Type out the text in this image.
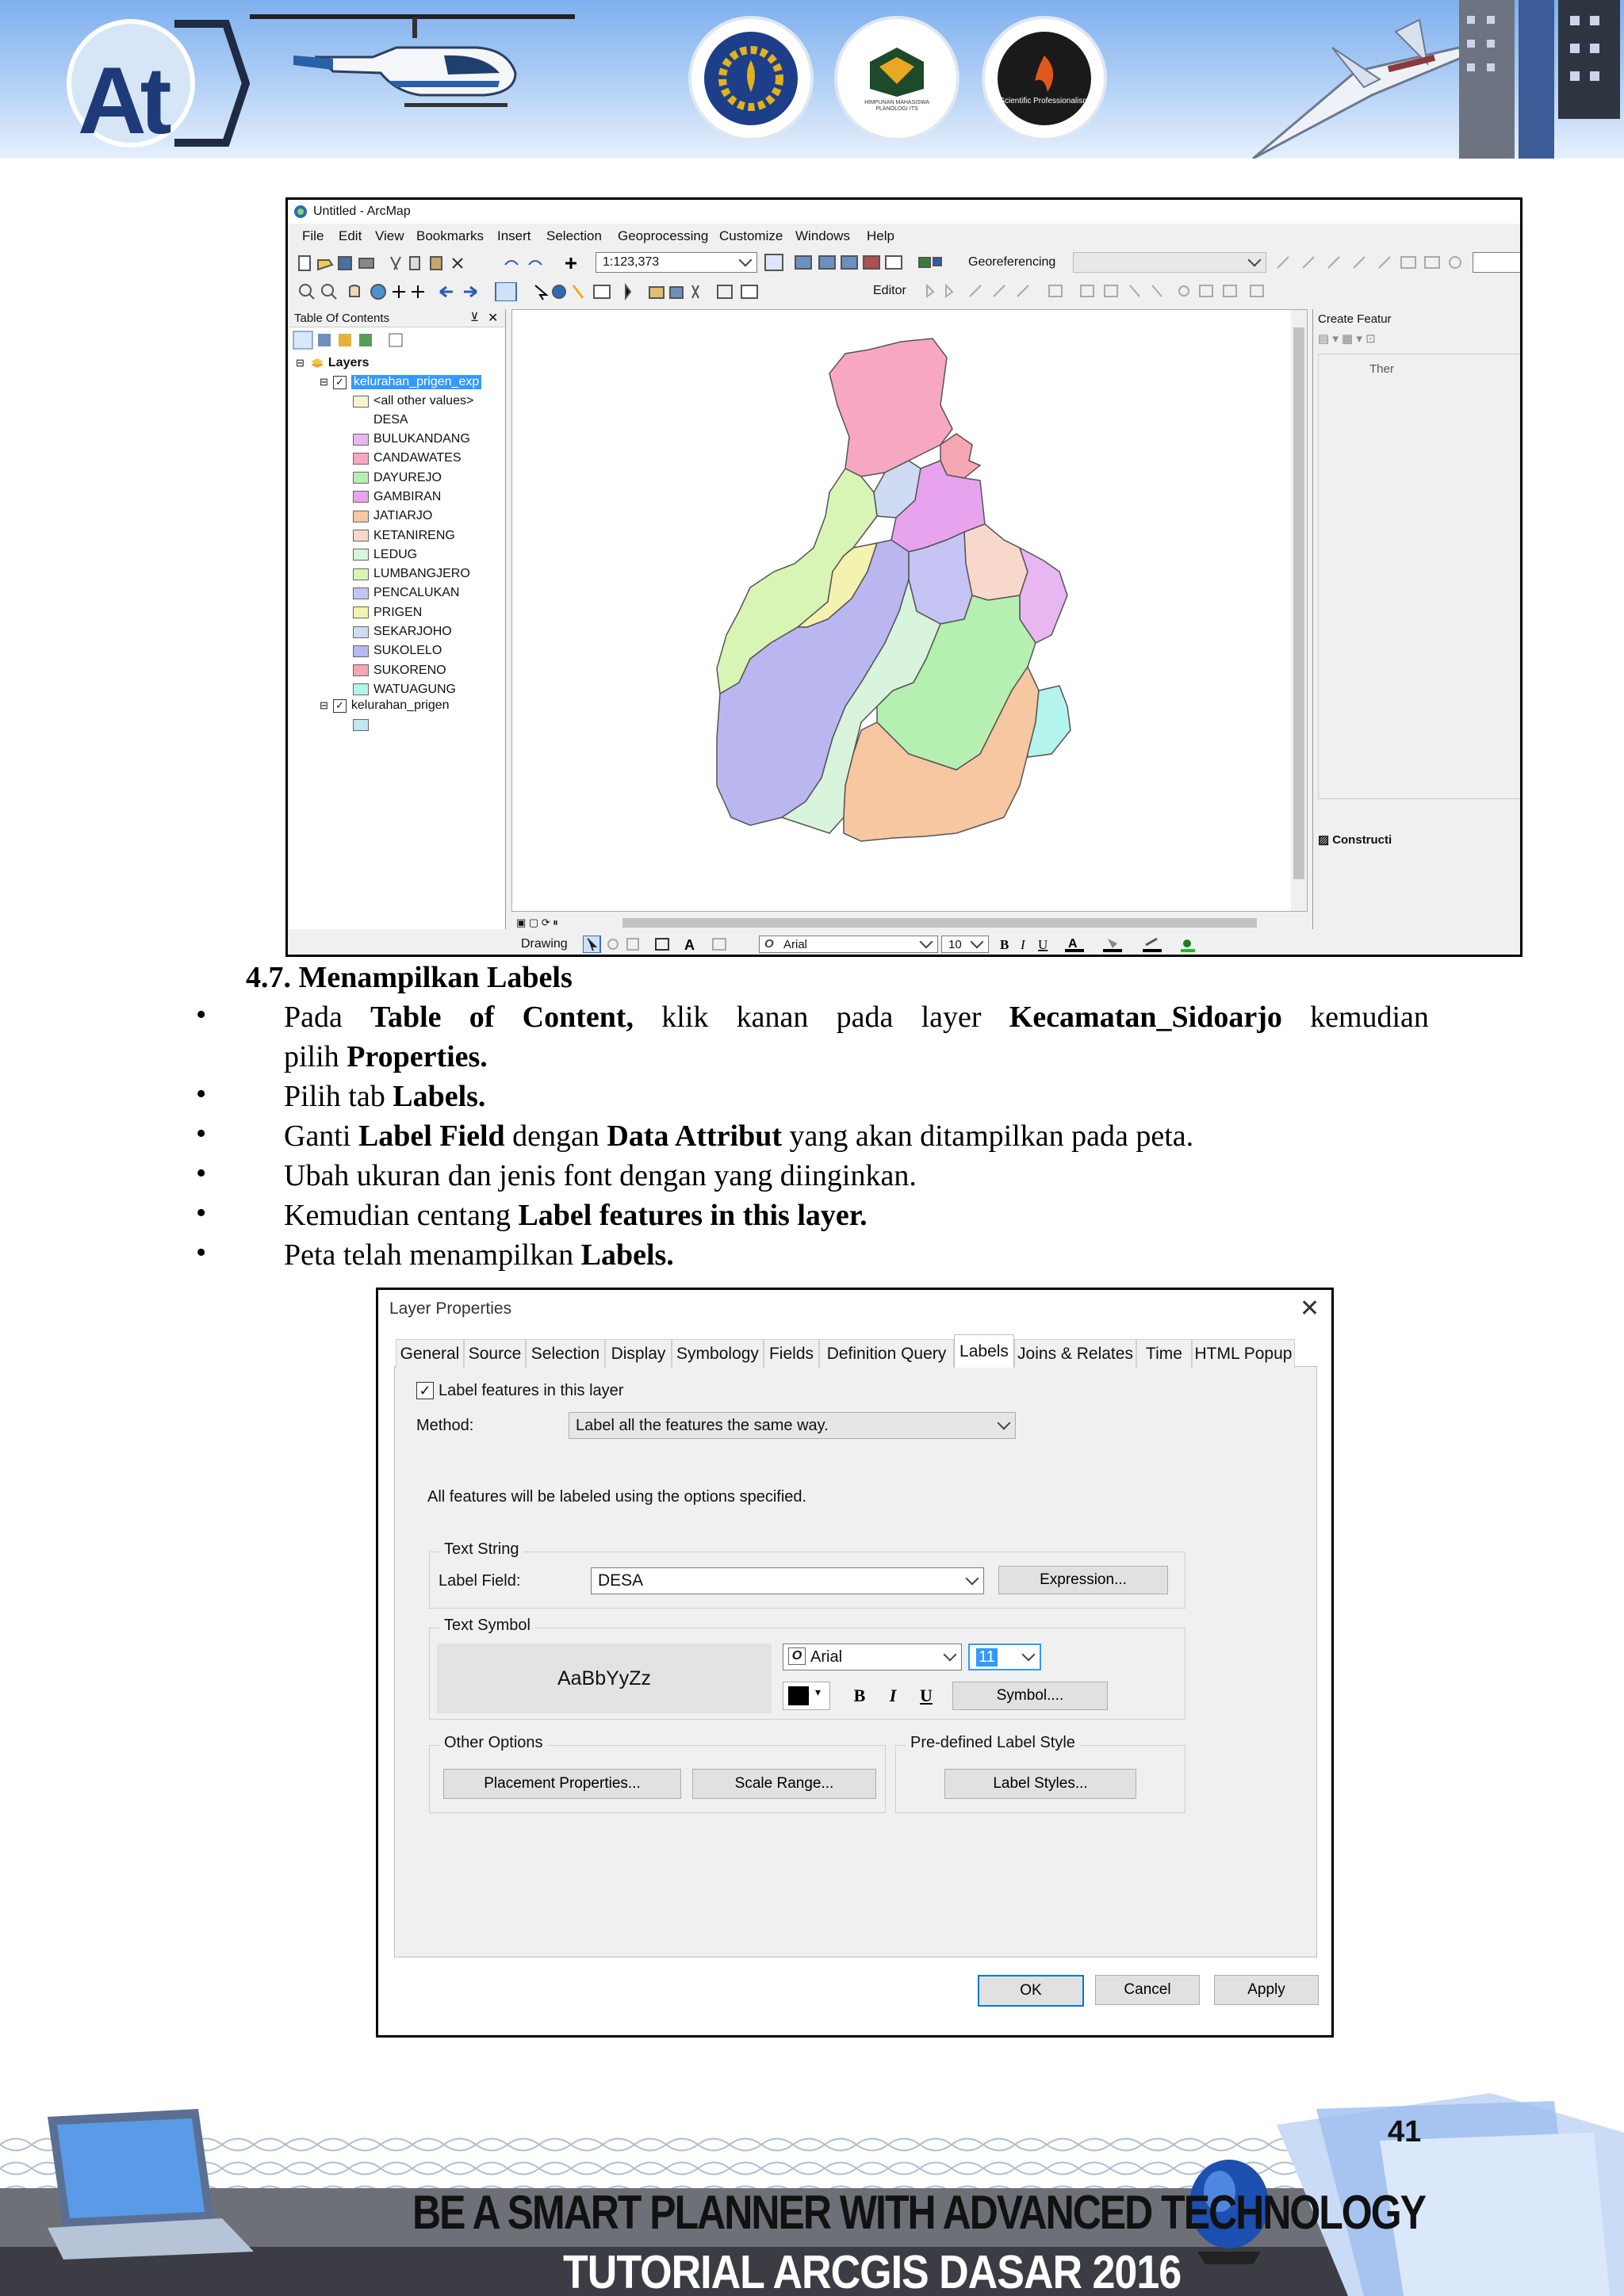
At	HIMPUNAN MAHASISWA PLANOLOGI ITS
Scientific Professionalism
Untitled - ArcMap
File Edit View Bookmarks Insert Selection Geoprocessing Customize Windows Help
1:123,373	Georeferencing
Editor
Table Of Contents	⊻ ✕
⊟ Layers
⊟ ✓ kelurahan_prigen_exp
<all other values>
DESA
BULUKANDANG
CANDAWATES
DAYUREJO
GAMBIRAN
JATIARJO
KETANIRENG
LEDUG
LUMBANGJERO
PENCALUKAN
PRIGEN
SEKARJOHO
SUKOLELO
SUKORENO
WATUAGUNG
⊟ ✓ kelurahan_prigen
▣ ▢ ⟳ ⏸
Create Featur
▤ ▾ ▦ ▾ ⊡
Ther
▨ Constructi
Drawing	A	O Arial	10	B I U A
4.7. Menampilkan Labels
•	Pada Table of Content, klik kanan pada layer Kecamatan_Sidoarjo kemudian
pilih Properties.
•	Pilih tab Labels.
•	Ganti Label Field dengan Data Attribut yang akan ditampilkan pada peta.
•	Ubah ukuran dan jenis font dengan yang diinginkan.
•	Kemudian centang Label features in this layer.
•	Peta telah menampilkan Labels.
Layer Properties	✕
General Source Selection Display Symbology Fields Definition Query Labels Joins & Relates Time HTML Popup
✓ Label features in this layer
Method:	Label all the features the same way.
All features will be labeled using the options specified.
Text String
Label Field:	DESA	Expression...
Text Symbol
AaBbYyZz
O Arial	11
▾ B I U	Symbol....
Other Options
Placement Properties...	Scale Range...
Pre-defined Label Style
Label Styles...
OK	Cancel	Apply
41
BE A SMART PLANNER WITH ADVANCED TECHNOLOGY
TUTORIAL ARCGIS DASAR 2016
